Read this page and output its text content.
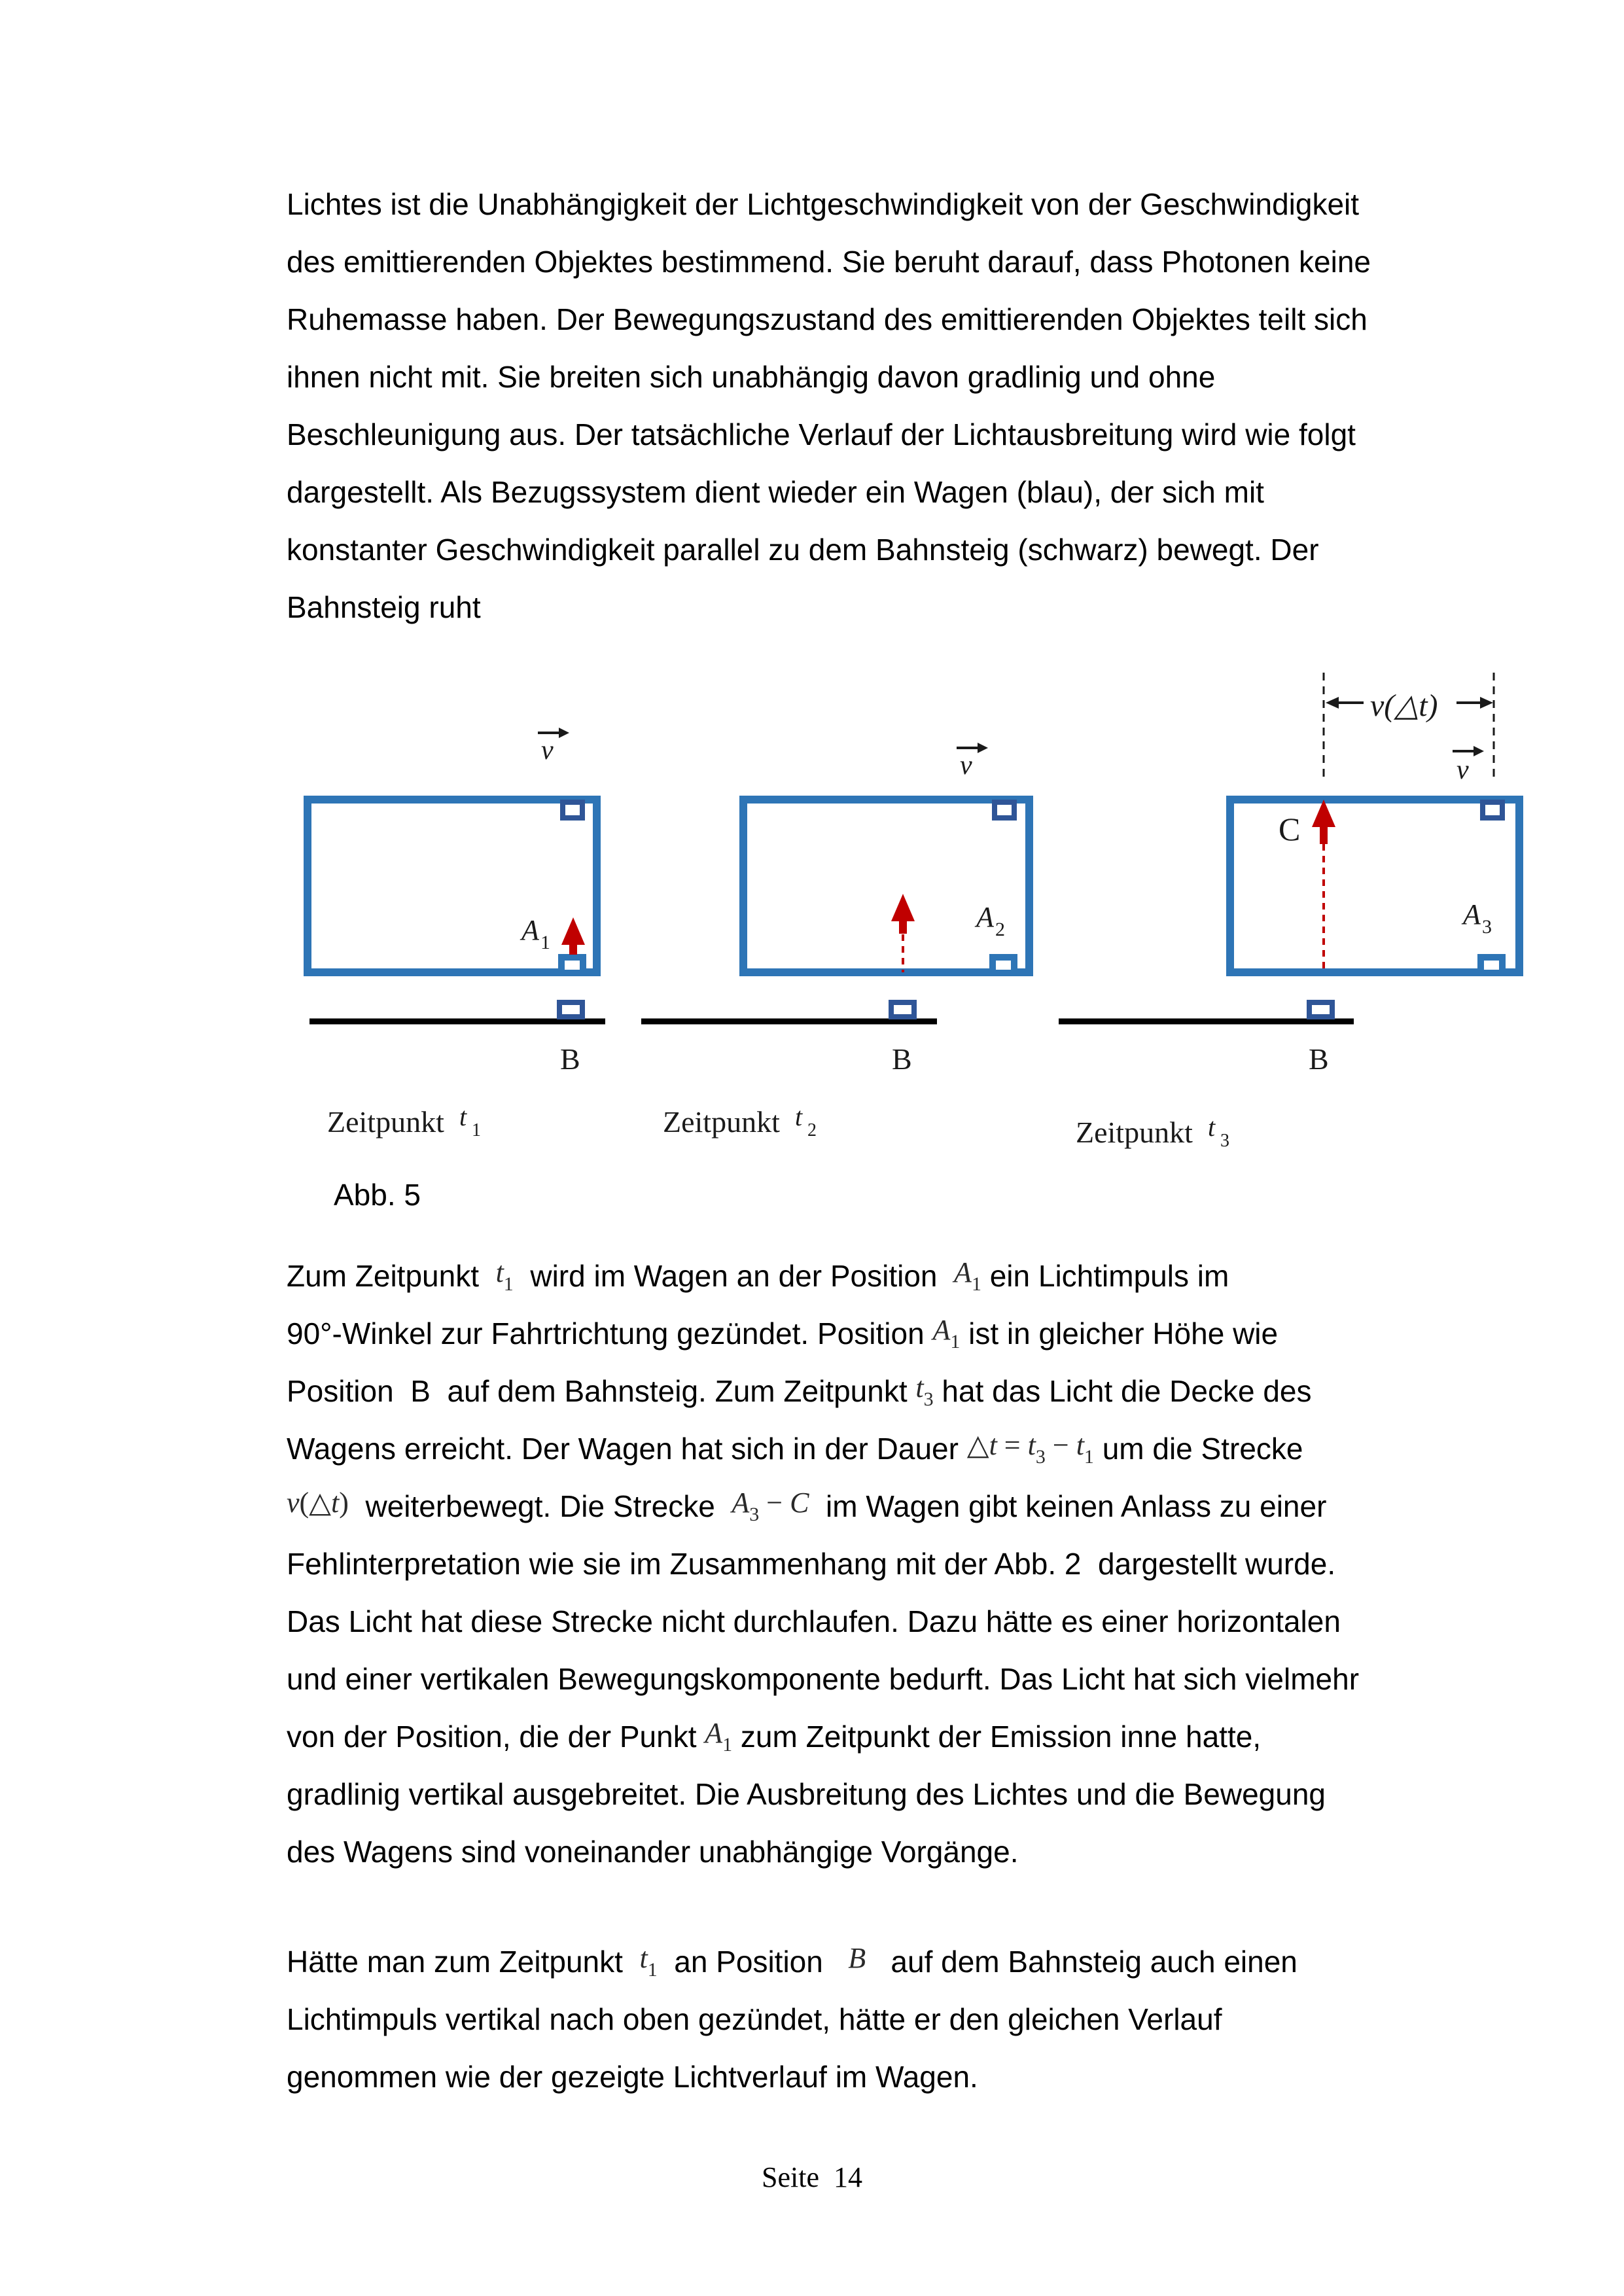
Lichtes ist die Unabhängigkeit der Lichtgeschwindigkeit von der Geschwindigkeit
des emittierenden Objektes bestimmend. Sie beruht darauf, dass Photonen keine
Ruhemasse haben. Der Bewegungszustand des emittierenden Objektes teilt sich
ihnen nicht mit. Sie breiten sich unabhängig davon gradlinig und ohne
Beschleunigung aus. Der tatsächliche Verlauf der Lichtausbreitung wird wie folgt
dargestellt. Als Bezugssystem dient wieder ein Wagen (blau), der sich mit
konstanter Geschwindigkeit parallel zu dem Bahnsteig (schwarz) bewegt. Der
Bahnsteig ruht
v
A 1
B
Zeitpunkt t 1
v
A 2
B
Zeitpunkt t 2
v(△t)
v
C
A 3
B
Zeitpunkt t 3
Abb. 5
Zum Zeitpunkt  t1  wird im Wagen an der Position  A1 ein Lichtimpuls im
90°-Winkel zur Fahrtrichtung gezündet. Position A1 ist in gleicher Höhe wie
Position  B  auf dem Bahnsteig. Zum Zeitpunkt t3 hat das Licht die Decke des
Wagens erreicht. Der Wagen hat sich in der Dauer △t = t3 − t1 um die Strecke
v(△t)  weiterbewegt. Die Strecke  A3 − C  im Wagen gibt keinen Anlass zu einer
Fehlinterpretation wie sie im Zusammenhang mit der Abb. 2  dargestellt wurde.
Das Licht hat diese Strecke nicht durchlaufen. Dazu hätte es einer horizontalen
und einer vertikalen Bewegungskomponente bedurft. Das Licht hat sich vielmehr
von der Position, die der Punkt A1 zum Zeitpunkt der Emission inne hatte,
gradlinig vertikal ausgebreitet. Die Ausbreitung des Lichtes und die Bewegung
des Wagens sind voneinander unabhängige Vorgänge.
Hätte man zum Zeitpunkt  t1  an Position   B   auf dem Bahnsteig auch einen
Lichtimpuls vertikal nach oben gezündet, hätte er den gleichen Verlauf
genommen wie der gezeigte Lichtverlauf im Wagen.
Seite  14
